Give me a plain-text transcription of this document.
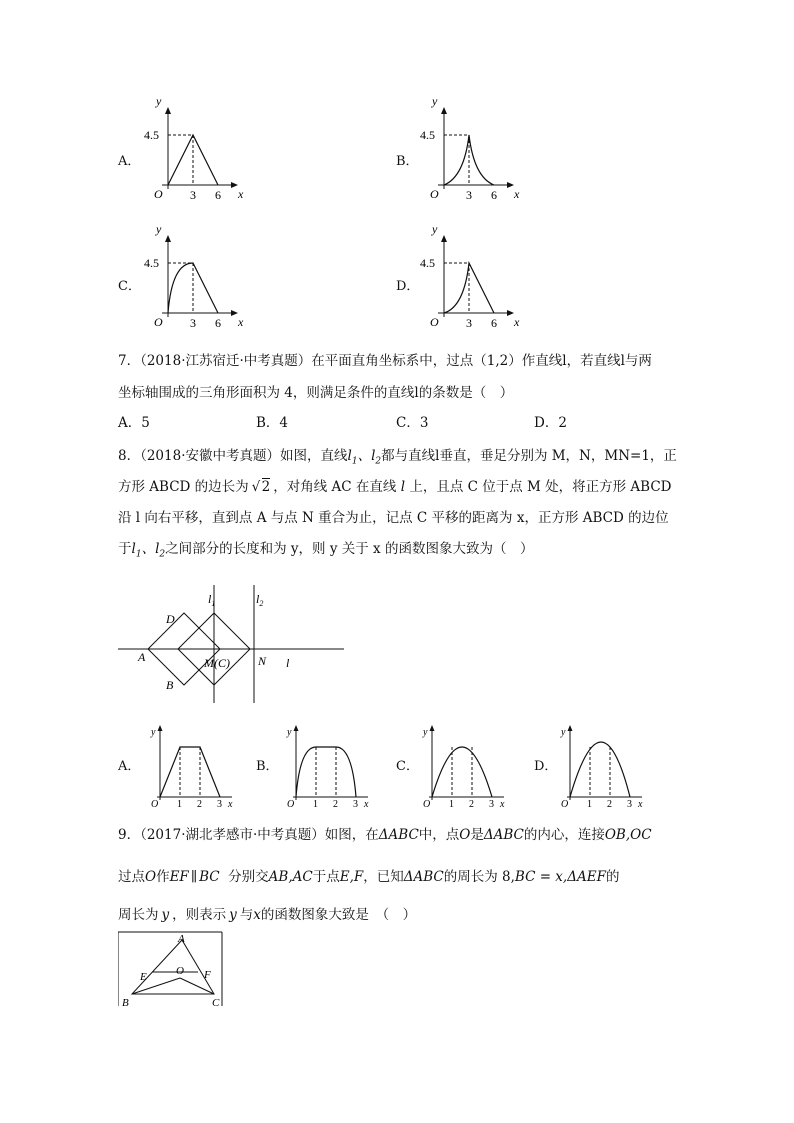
A．	B．
C．	D．
y
x
O
4.5
3 6
y
x
O
4.5
3 6
y
x
O
4.5
3 6
y
x
O
4.5
3 6
7．（2018·江苏宿迁·中考真题）在平面直角坐标系中，过点（1,2）作直线l，若直线l与两
坐标轴围成的三角形面积为 4，则满足条件的直线l的条数是（　）
A．5	B．4	C．3	D．2
8．（2018·安徽中考真题）如图，直线$l_1$、$l_2$都与直线l垂直，垂足分别为 M，N，MN=1，正
方形 ABCD 的边长为 √ 2 ，对角线 AC 在直线 l 上，且点 C 位于点 M 处，将正方形 ABCD
沿 l 向右平移，直到点 A 与点 N 重合为止，记点 C 平移的距离为 x，正方形 ABCD 的边位
于$l_1$、$l_2$之间部分的长度和为 y，则 y 关于 x 的函数图象大致为（　）
D
A
B
M(C) N l
$l_1$	$l_2$
A．	B．	C．	D．
y
x
O 1 2 3
y
x
O 1 2 3
y
x
O 1 2 3
y
x
O 1 2 3
9．（2017·湖北孝感市·中考真题）如图，在ΔABC中，点O是ΔABC的内心，连接OB,OC
过点O作EF ∥ BC 分别交AB,AC于点E,F，已知ΔABC的周长为 8,BC = x,ΔAEF的
周长为 y ，则表示 y 与x的函数图象大致是　（　）
A
E	O F
B	C
